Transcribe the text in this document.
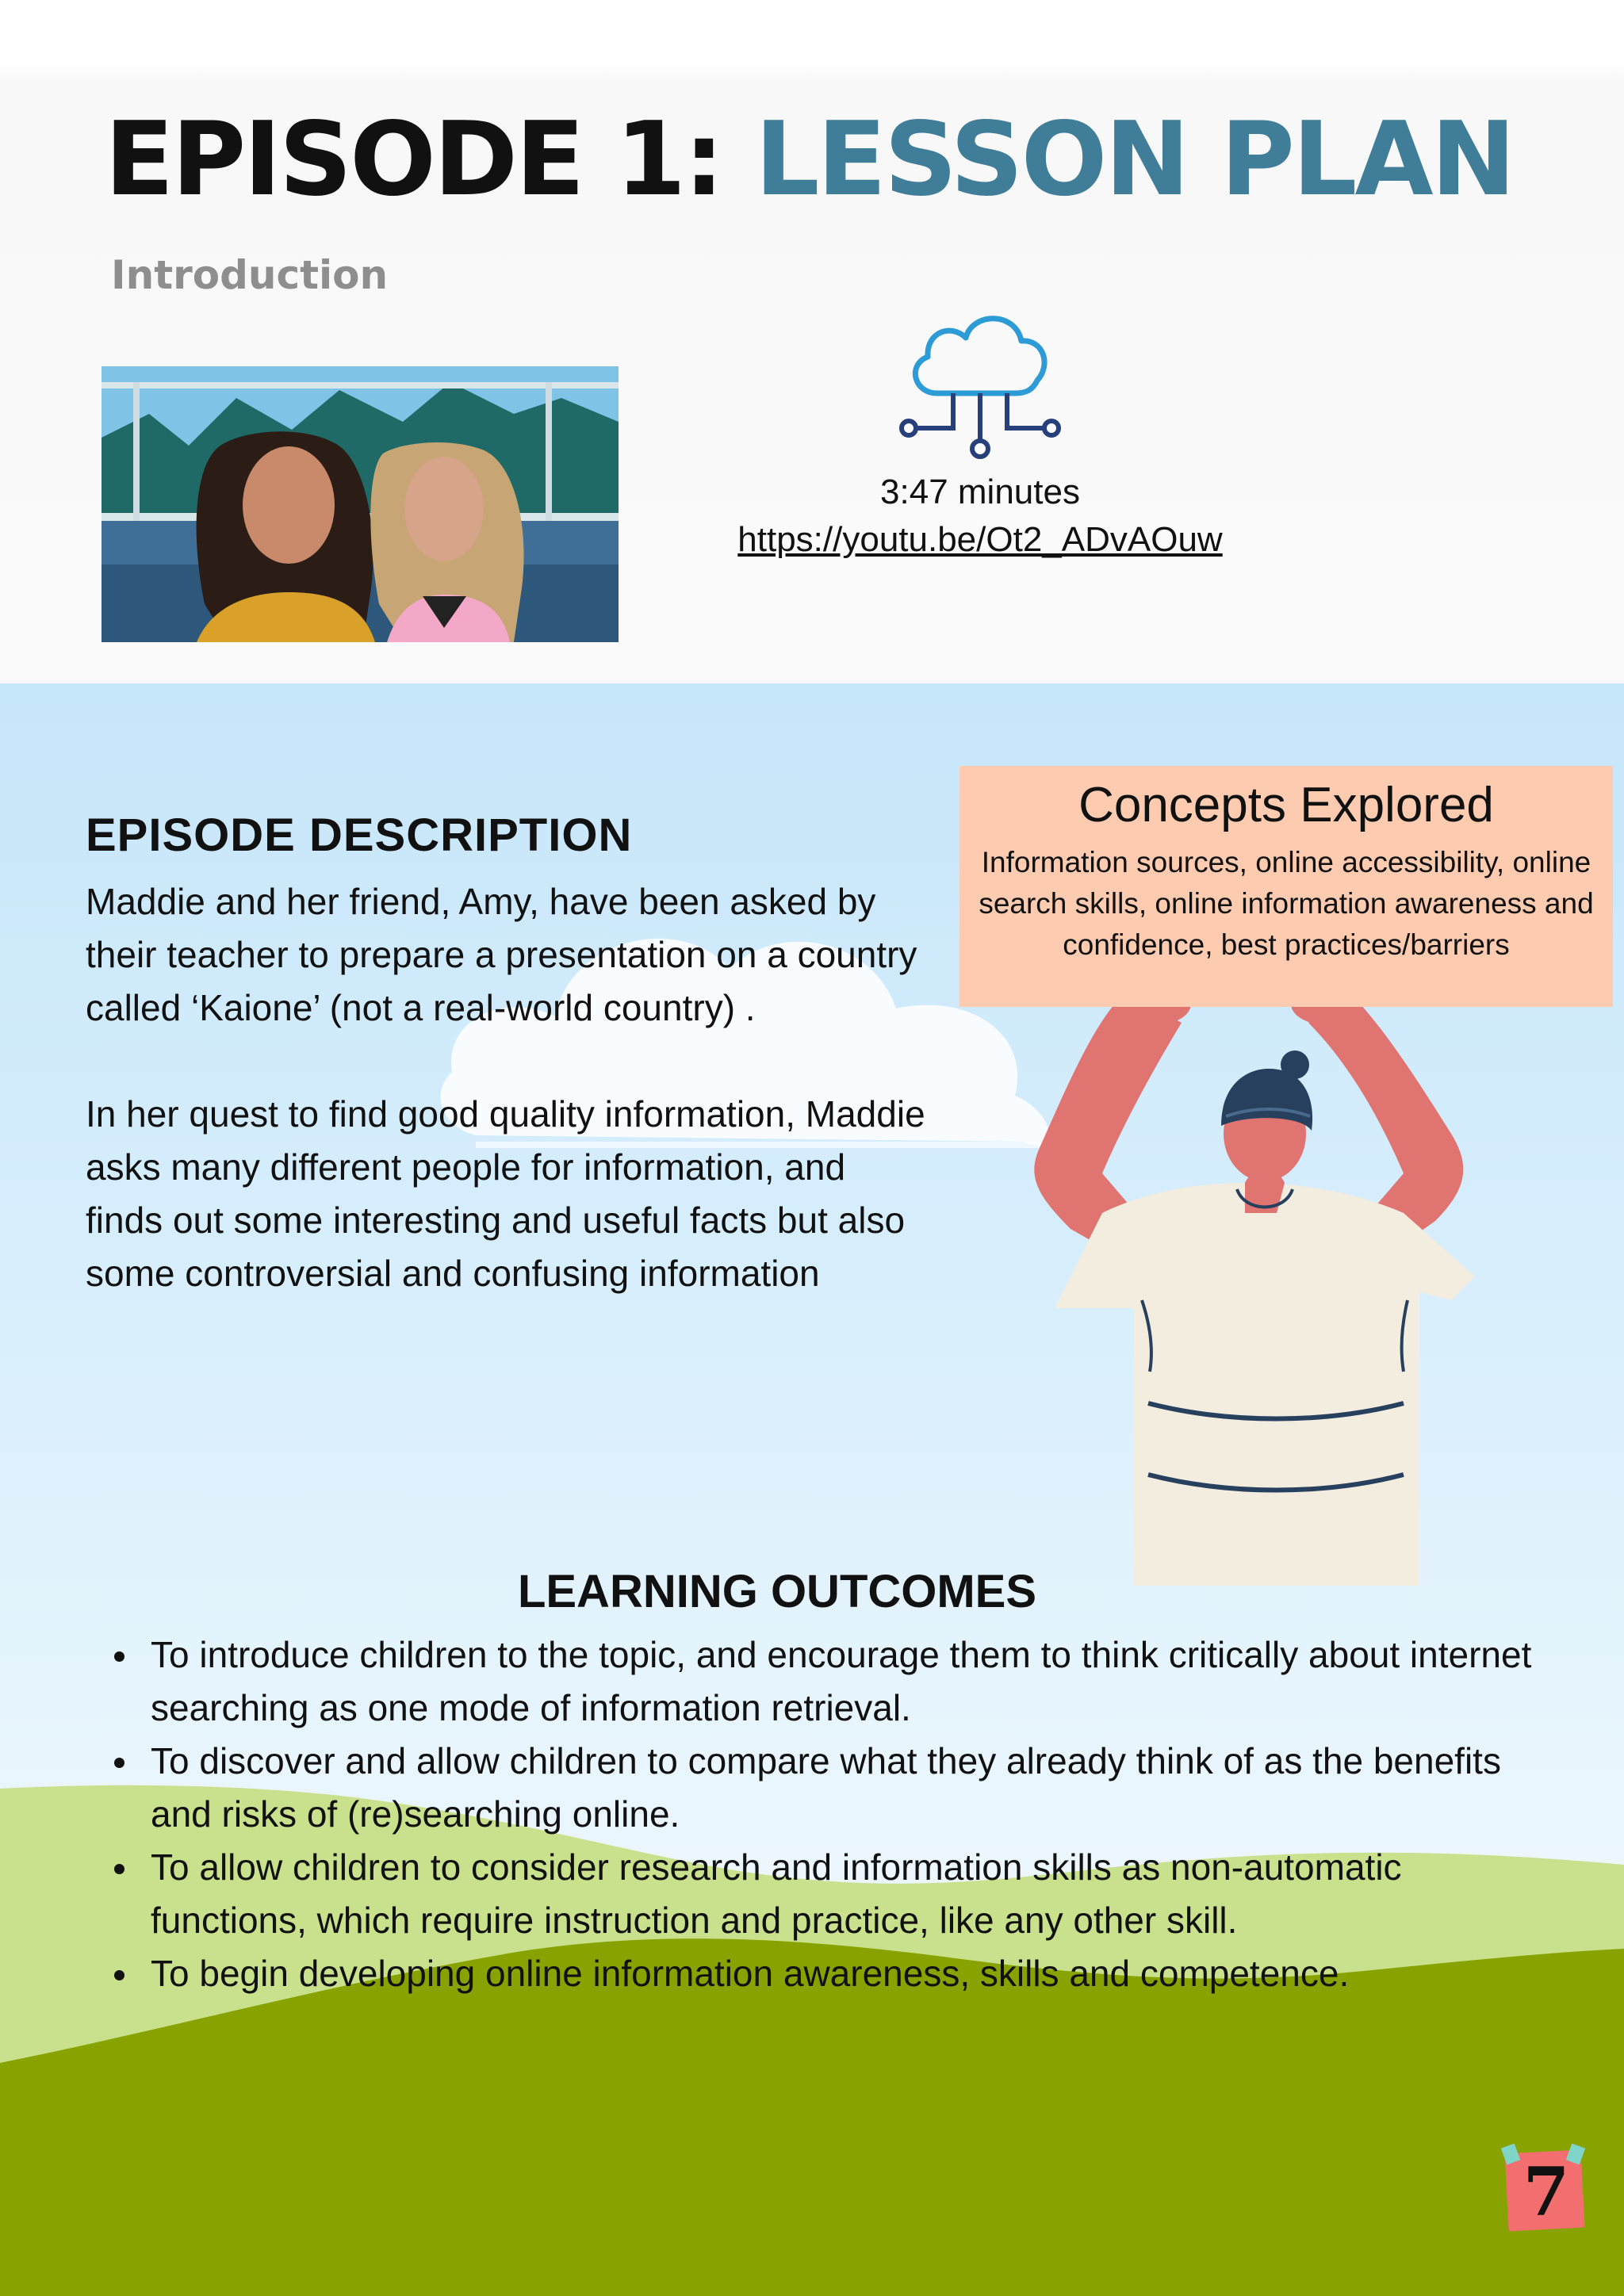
EPISODE 1: LESSON PLAN
Introduction
3:47 minutes
https://youtu.be/Ot2_ADvAOuw
EPISODE DESCRIPTION

Maddie and her friend, Amy, have been asked by their teacher to prepare a presentation on a country called ‘Kaione’ (not a real-world country) .

In her quest to find good quality information, Maddie asks many different people for information, and finds out some interesting and useful facts but also some controversial and confusing information

Concepts Explored
Information sources, online accessibility, online search skills, online information awareness and confidence, best practices/barriers
LEARNING OUTCOMES
To introduce children to the topic, and encourage them to think critically about internet searching as one mode of information retrieval.
To discover and allow children to compare what they already think of as the benefits and risks of (re)searching online.
To allow children to consider research and information skills as non-automatic functions, which require instruction and practice, like any other skill.
To begin developing online information awareness, skills and competence.
7
